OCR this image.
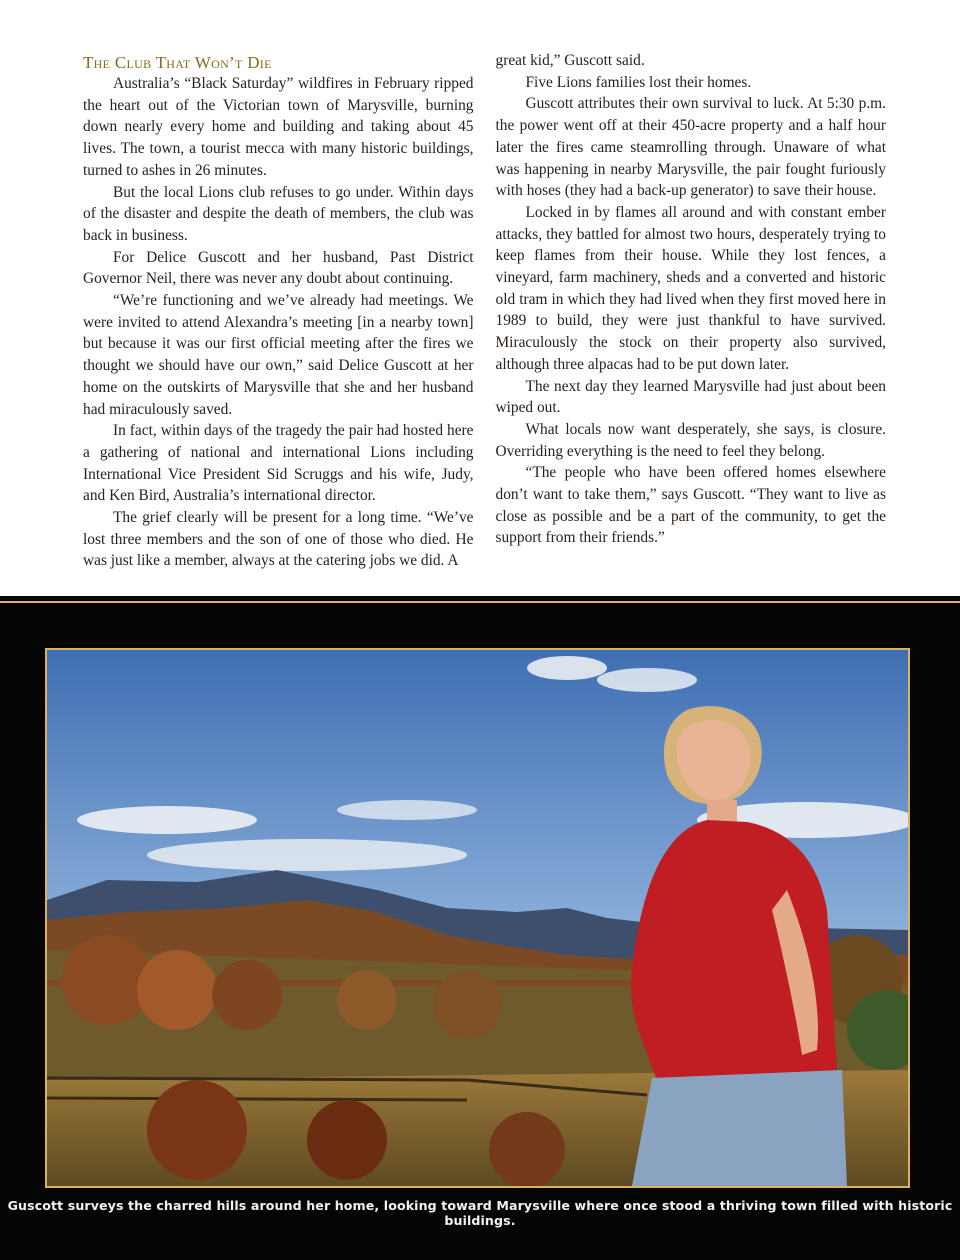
The Club That Won’t Die

Australia’s “Black Saturday” wildfires in February ripped the heart out of the Victorian town of Marysville, burning down nearly every home and building and taking about 45 lives. The town, a tourist mecca with many historic buildings, turned to ashes in 26 minutes.

But the local Lions club refuses to go under. Within days of the disaster and despite the death of members, the club was back in business.

For Delice Guscott and her husband, Past District Governor Neil, there was never any doubt about continuing.

“We’re functioning and we’ve already had meetings. We were invited to attend Alexandra’s meeting [in a nearby town] but because it was our first official meeting after the fires we thought we should have our own,” said Delice Guscott at her home on the outskirts of Marysville that she and her husband had miraculously saved.

In fact, within days of the tragedy the pair had hosted here a gathering of national and international Lions including International Vice President Sid Scruggs and his wife, Judy, and Ken Bird, Australia’s international director.

The grief clearly will be present for a long time. “We’ve lost three members and the son of one of those who died. He was just like a member, always at the catering jobs we did. A

great kid,” Guscott said.

Five Lions families lost their homes.

Guscott attributes their own survival to luck. At 5:30 p.m. the power went off at their 450-acre property and a half hour later the fires came steamrolling through. Unaware of what was happening in nearby Marysville, the pair fought furiously with hoses (they had a back-up generator) to save their house.

Locked in by flames all around and with constant ember attacks, they battled for almost two hours, desperately trying to keep flames from their house. While they lost fences, a vineyard, farm machinery, sheds and a converted and historic old tram in which they had lived when they first moved here in 1989 to build, they were just thankful to have survived. Miraculously the stock on their property also survived, although three alpacas had to be put down later.

The next day they learned Marysville had just about been wiped out.

What locals now want desperately, she says, is closure. Overriding everything is the need to feel they belong.

“The people who have been offered homes elsewhere don’t want to take them,” says Guscott. “They want to live as close as possible and be a part of the community, to get the support from their friends.”

Guscott surveys the charred hills around her home, looking toward Marysville where once stood a thriving town filled with historic buildings.
